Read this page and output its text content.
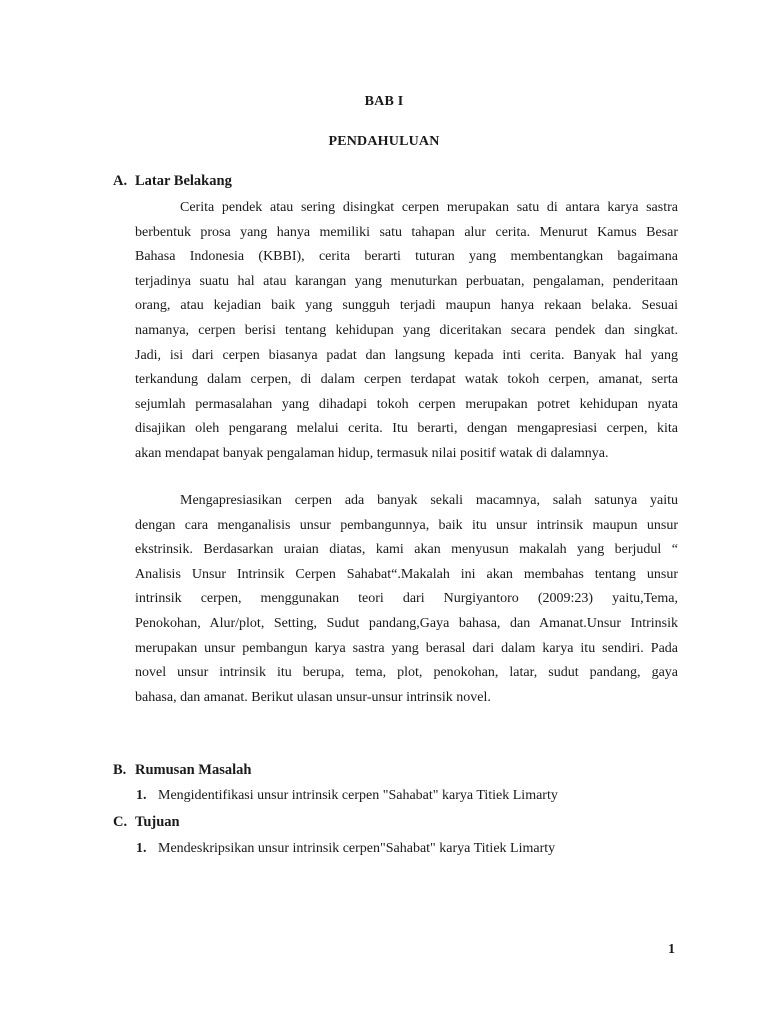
BAB I
PENDAHULUAN
A. Latar Belakang
Cerita pendek atau sering disingkat cerpen merupakan satu di antara karya sastra
berbentuk prosa yang hanya memiliki satu tahapan alur cerita. Menurut Kamus Besar
Bahasa Indonesia (KBBI), cerita berarti tuturan yang membentangkan bagaimana
terjadinya suatu hal atau karangan yang menuturkan perbuatan, pengalaman, penderitaan
orang, atau kejadian baik yang sungguh terjadi maupun hanya rekaan belaka. Sesuai
namanya, cerpen berisi tentang kehidupan yang diceritakan secara pendek dan singkat.
Jadi, isi dari cerpen biasanya padat dan langsung kepada inti cerita. Banyak hal yang
terkandung dalam cerpen, di dalam cerpen terdapat watak tokoh cerpen, amanat, serta
sejumlah permasalahan yang dihadapi tokoh cerpen merupakan potret kehidupan nyata
disajikan oleh pengarang melalui cerita. Itu berarti, dengan mengapresiasi cerpen, kita
akan mendapat banyak pengalaman hidup, termasuk nilai positif watak di dalamnya.
Mengapresiasikan cerpen ada banyak sekali macamnya, salah satunya yaitu
dengan cara menganalisis unsur pembangunnya, baik itu unsur intrinsik maupun unsur
ekstrinsik. Berdasarkan uraian diatas, kami akan menyusun makalah yang berjudul “
Analisis Unsur Intrinsik Cerpen Sahabat“.Makalah ini akan membahas tentang unsur
intrinsik cerpen, menggunakan teori dari Nurgiyantoro (2009:23) yaitu,Tema,
Penokohan, Alur/plot, Setting, Sudut pandang,Gaya bahasa, dan Amanat.Unsur Intrinsik
merupakan unsur pembangun karya sastra yang berasal dari dalam karya itu sendiri. Pada
novel unsur intrinsik itu berupa, tema, plot, penokohan, latar, sudut pandang, gaya
bahasa, dan amanat. Berikut ulasan unsur-unsur intrinsik novel.
B. Rumusan Masalah
1. Mengidentifikasi unsur intrinsik cerpen "Sahabat" karya Titiek Limarty
C. Tujuan
1. Mendeskripsikan unsur intrinsik cerpen"Sahabat" karya Titiek Limarty
1
